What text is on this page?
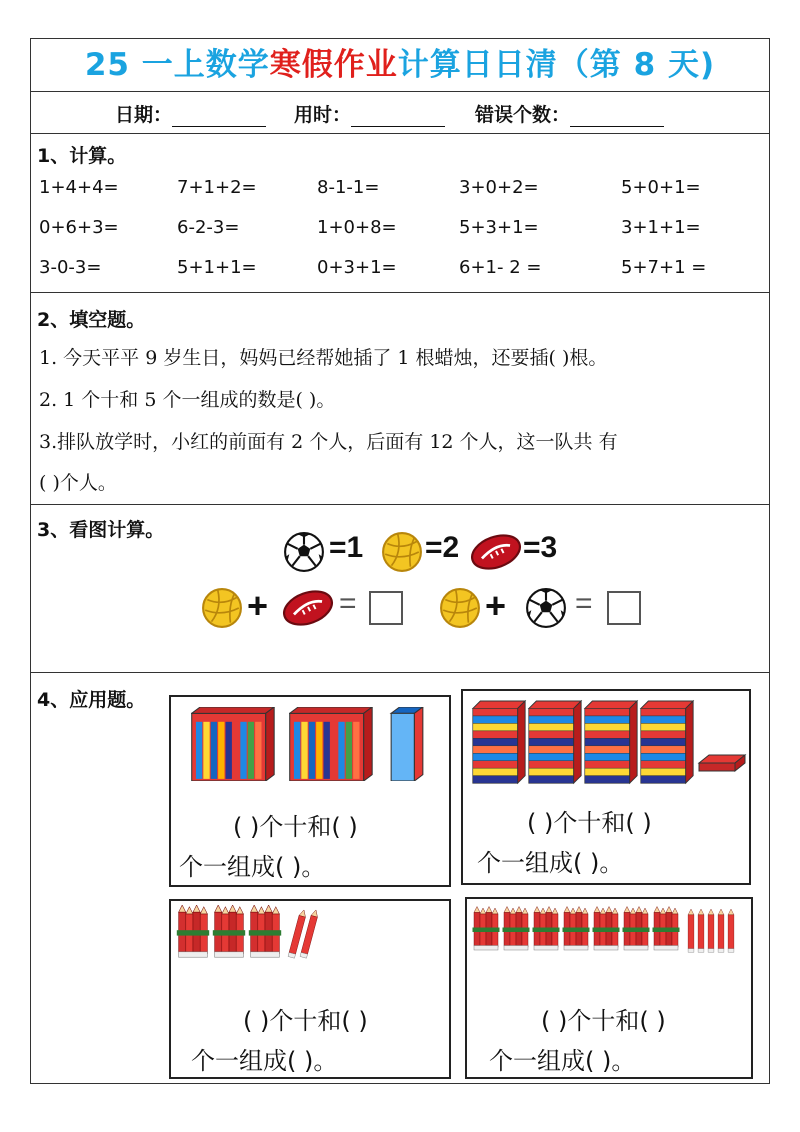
25 一上数学寒假作业计算日日清（第 8 天)
日期：	用时：	错误个数：
1、计算。
1+4+4=	7+1+2=	8-1-1=	3+0+2=	5+0+1=
0+6+3=	6-2-3=	1+0+8=	5+3+1=	3+1+1=
3-0-3=	5+1+1=	0+3+1=	6+1- 2 =	5+7+1 =
2、填空题。
1. 今天平平 9 岁生日，妈妈已经帮她插了 1 根蜡烛，还要插( )根。
2. 1 个十和 5 个一组成的数是( )。
3.排队放学时，小红的前面有 2 个人，后面有 12 个人，这一队共 有
( )个人。
3、看图计算。
=1 =2 =3
+ =	+ =
4、应用题。
( )个十和( )
个一组成( )。
( )个十和( )
个一组成( )。
( )个十和( )
个一组成( )。
( )个十和( )
个一组成( )。
